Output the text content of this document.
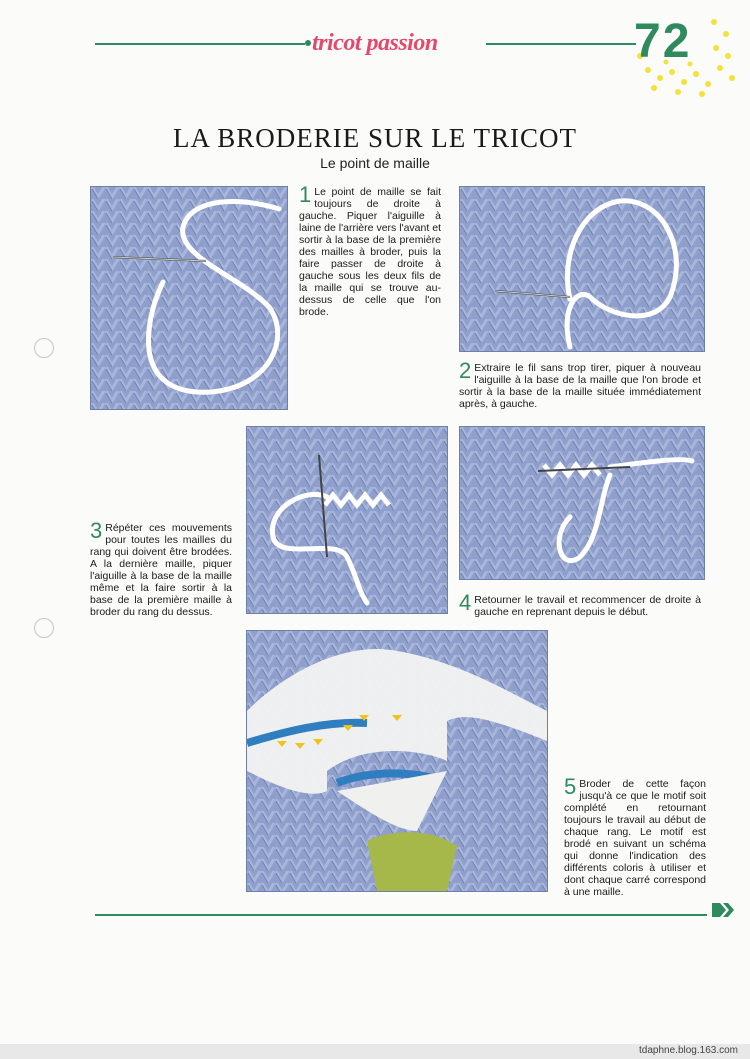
tricot passion	72
LA BRODERIE SUR LE TRICOT
Le point de maille
1 Le point de maille se fait toujours de droite à gauche. Piquer l'aiguille à laine de l'arrière vers l'avant et sortir à la base de la première des mailles à broder, puis la faire passer de droite à gauche sous les deux fils de la maille qui se trouve au-dessus de celle que l'on brode.
2 Extraire le fil sans trop tirer, piquer à nouveau l'aiguille à la base de la maille que l'on brode et sortir à la base de la maille située immédiatement après, à gauche.
3 Répéter ces mouvements pour toutes les mailles du rang qui doivent être brodées. A la dernière maille, piquer l'aiguille à la base de la maille même et la faire sortir à la base de la première maille à broder du rang du dessus.	4 Retourner le travail et recommencer de droite à gauche en reprenant depuis le début.
5 Broder de cette façon jusqu'à ce que le motif soit complété en retournant toujours le travail au début de chaque rang. Le motif est brodé en suivant un schéma qui donne l'indication des différents coloris à utiliser et dont chaque carré correspond à une maille.
tdaphne.blog.163.com
